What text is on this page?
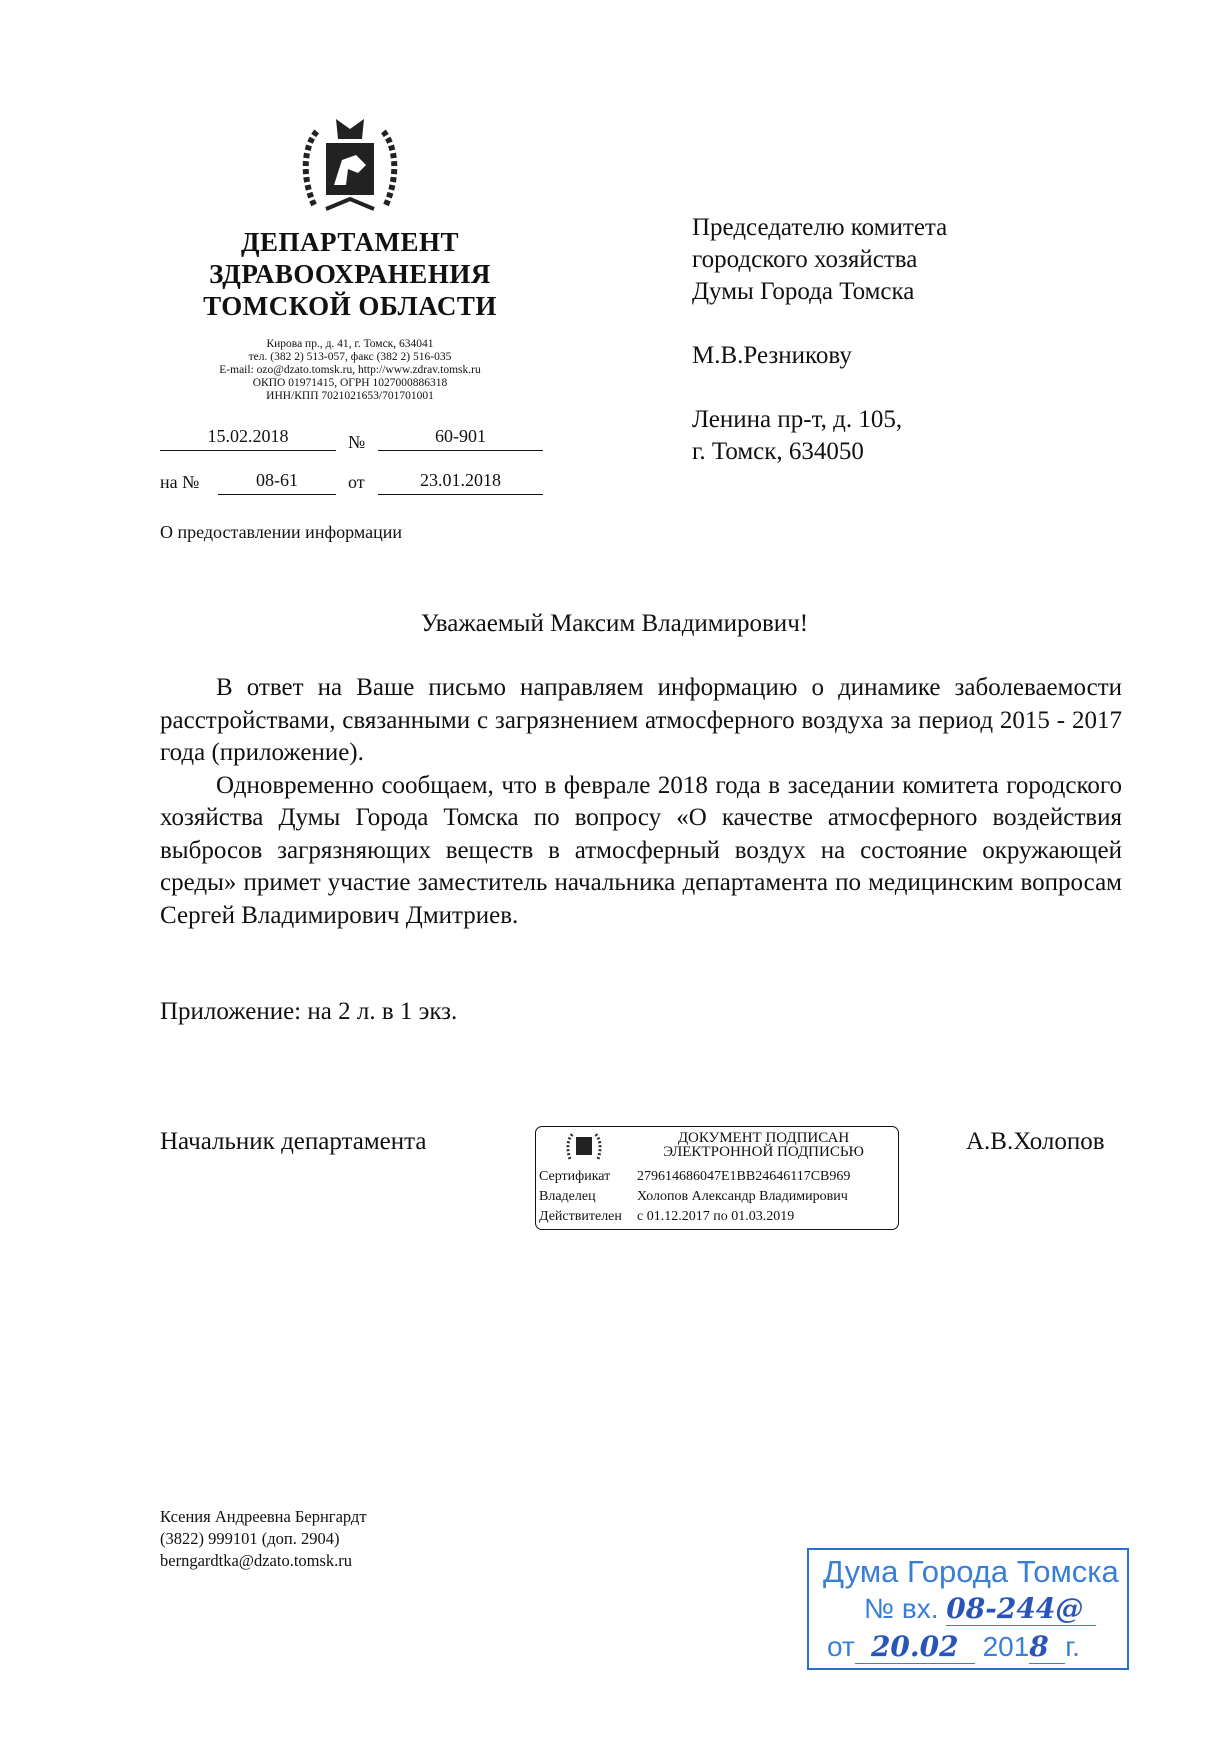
ДЕПАРТАМЕНТ
ЗДРАВООХРАНЕНИЯ
ТОМСКОЙ ОБЛАСТИ
Кирова пр., д. 41, г. Томск, 634041
тел. (382 2) 513-057, факс (382 2) 516-035
E-mail: ozo@dzato.tomsk.ru, http://www.zdrav.tomsk.ru
ОКПО 01971415, ОГРН 1027000886318
ИНН/КПП 7021021653/701701001
15.02.2018	№	60-901
на №	08-61	от	23.01.2018
О предоставлении информации
Председателю комитета
городского хозяйства
Думы Города Томска
М.В.Резникову
Ленина пр-т, д. 105,
г. Томск, 634050
Уважаемый Максим Владимирович!

В ответ на Ваше письмо направляем информацию о динамике заболеваемости расстройствами, связанными с загрязнением атмосферного воздуха за период 2015 - 2017 года (приложение).

Одновременно сообщаем, что в феврале 2018 года в заседании комитета городского хозяйства Думы Города Томска по вопросу «О качестве атмосферного воздействия выбросов загрязняющих веществ в атмосферный воздух на состояние окружающей среды» примет участие заместитель начальника департамента по медицинским вопросам Сергей Владимирович Дмитриев.

Приложение: на 2 л. в 1 экз.
Начальник департамента	А.В.Холопов
ДОКУМЕНТ ПОДПИСАН
ЭЛЕКТРОННОЙ ПОДПИСЬЮ
Сертификат 279614686047E1BB24646117CB969
Владелец	Холопов Александр Владимирович
Действителен с 01.12.2017 по 01.03.2019
Ксения Андреевна Бернгардт
(3822) 999101 (доп. 2904)
berngardtka@dzato.tomsk.ru	Дума Города Томска
№ вх. 08-244@
от 20.02 2018 г.
